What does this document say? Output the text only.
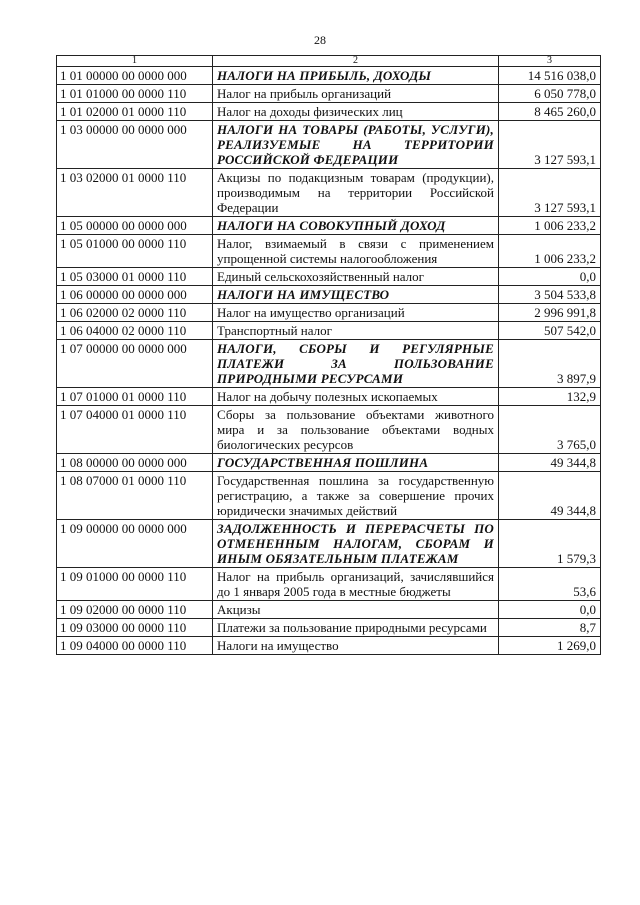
28
1	2	3
1 01 00000 00 0000 000	НАЛОГИ НА ПРИБЫЛЬ, ДОХОДЫ	14 516 038,0
1 01 01000 00 0000 110	Налог на прибыль организаций	6 050 778,0
1 01 02000 01 0000 110	Налог на доходы физических лиц	8 465 260,0
1 03 00000 00 0000 000	НАЛОГИ НА ТОВАРЫ (РАБОТЫ, УСЛУГИ), РЕАЛИЗУЕМЫЕ НА ТЕРРИТОРИИ РОССИЙСКОЙ ФЕДЕРАЦИИ	3 127 593,1
1 03 02000 01 0000 110	Акцизы по подакцизным товарам (продукции), производимым на территории Российской Федерации	3 127 593,1
1 05 00000 00 0000 000	НАЛОГИ НА СОВОКУПНЫЙ ДОХОД	1 006 233,2
1 05 01000 00 0000 110	Налог, взимаемый в связи с применением упрощенной системы налогообложения	1 006 233,2
1 05 03000 01 0000 110	Единый сельскохозяйственный налог	0,0
1 06 00000 00 0000 000	НАЛОГИ НА ИМУЩЕСТВО	3 504 533,8
1 06 02000 02 0000 110	Налог на имущество организаций	2 996 991,8
1 06 04000 02 0000 110	Транспортный налог	507 542,0
1 07 00000 00 0000 000	НАЛОГИ, СБОРЫ И РЕГУЛЯРНЫЕ ПЛАТЕЖИ ЗА ПОЛЬЗОВАНИЕ ПРИРОДНЫМИ РЕСУРСАМИ	3 897,9
1 07 01000 01 0000 110	Налог на добычу полезных ископаемых	132,9
1 07 04000 01 0000 110	Сборы за пользование объектами животного мира и за пользование объектами водных биологических ресурсов	3 765,0
1 08 00000 00 0000 000	ГОСУДАРСТВЕННАЯ ПОШЛИНА	49 344,8
1 08 07000 01 0000 110	Государственная пошлина за государственную регистрацию, а также за совершение прочих юридически значимых действий	49 344,8
1 09 00000 00 0000 000	ЗАДОЛЖЕННОСТЬ И ПЕРЕРАСЧЕТЫ ПО ОТМЕНЕННЫМ НАЛОГАМ, СБОРАМ И ИНЫМ ОБЯЗАТЕЛЬНЫМ ПЛАТЕЖАМ	1 579,3
1 09 01000 00 0000 110	Налог на прибыль организаций, зачислявшийся до 1 января 2005 года в местные бюджеты	53,6
1 09 02000 00 0000 110	Акцизы	0,0
1 09 03000 00 0000 110	Платежи за пользование природными ресурсами	8,7
1 09 04000 00 0000 110	Налоги на имущество	1 269,0
